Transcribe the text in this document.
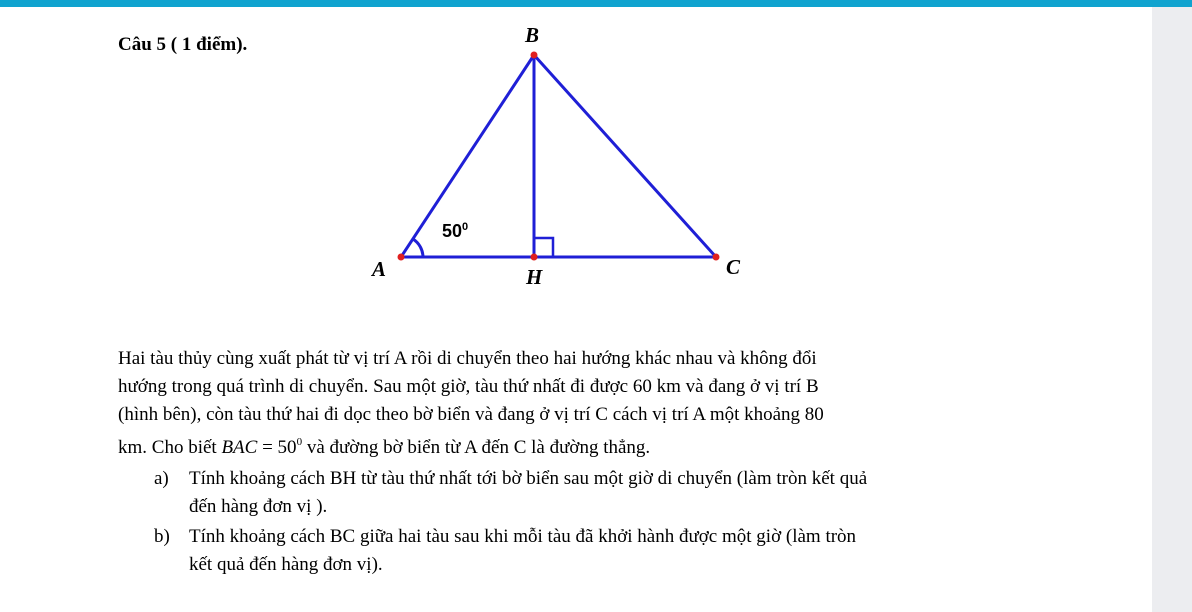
Câu 5 ( 1 điểm).	B
A	C
H
$50^0$
Hai tàu thủy cùng xuất phát từ vị trí A rồi di chuyển theo hai hướng khác nhau và không đổi
hướng trong quá trình di chuyển. Sau một giờ, tàu thứ nhất đi được 60 km và đang ở vị trí B
(hình bên), còn tàu thứ hai đi dọc theo bờ biển và đang ở vị trí C cách vị trí A một khoảng 80
km. Cho biết BAC = $50^0$ và đường bờ biển từ A đến C là đường thẳng.
a) Tính khoảng cách BH từ tàu thứ nhất tới bờ biển sau một giờ di chuyển (làm tròn kết quả
đến hàng đơn vị ).
b) Tính khoảng cách BC giữa hai tàu sau khi mỗi tàu đã khởi hành được một giờ (làm tròn
kết quả đến hàng đơn vị).
